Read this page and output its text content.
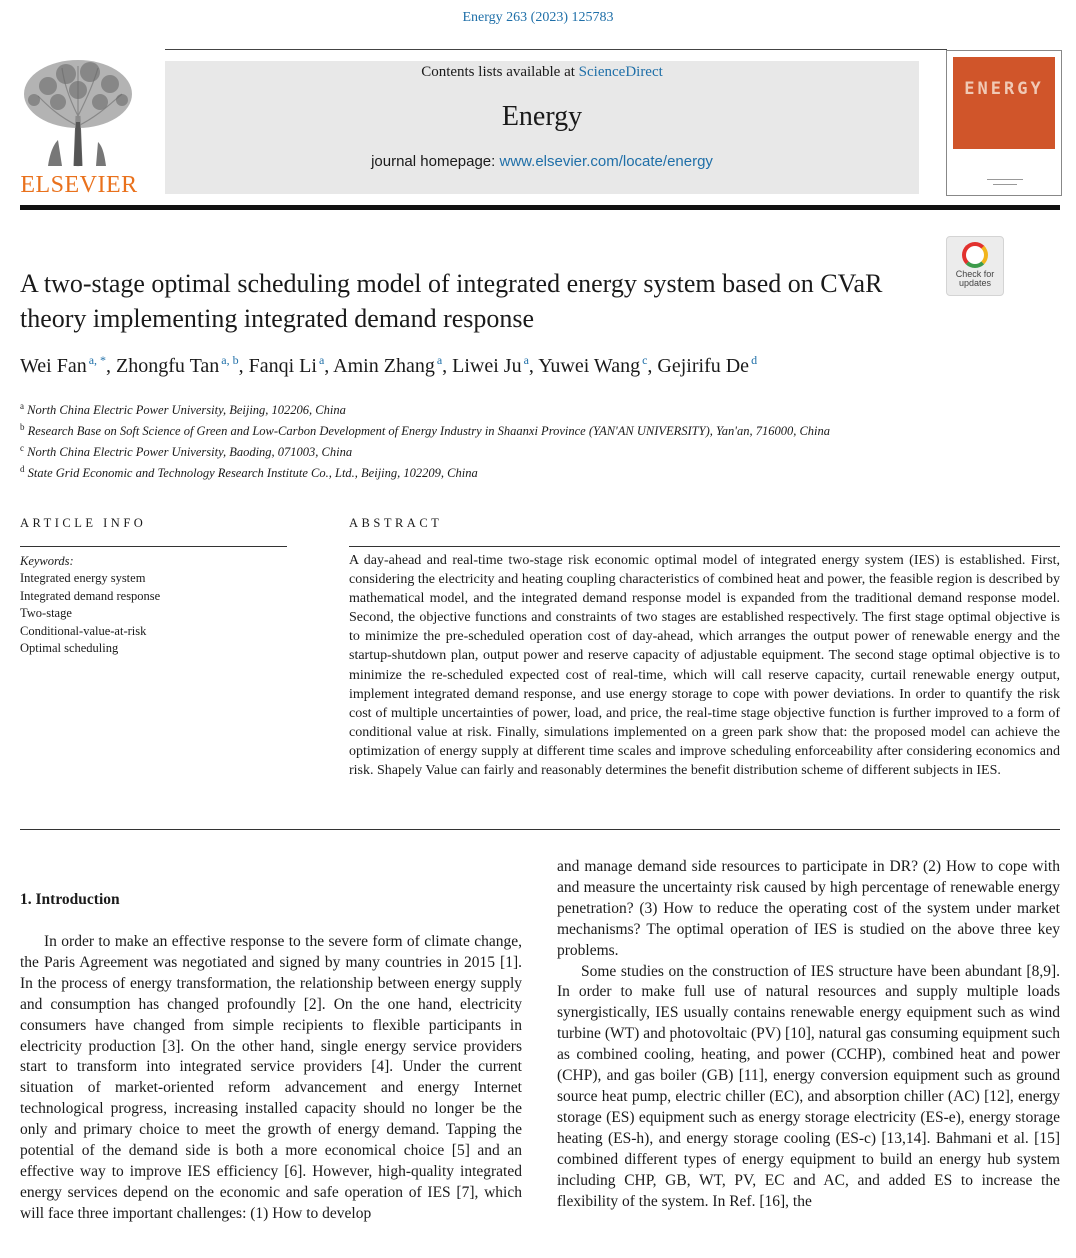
Energy 263 (2023) 125783
ELSEVIER
Contents lists available at ScienceDirect
Energy
journal homepage: www.elsevier.com/locate/energy
ENERGY
Check for
updates
A two-stage optimal scheduling model of integrated energy system based on CVaR theory implementing integrated demand response
Wei Fan $^{a, *}$, Zhongfu Tan $^{a, b}$, Fanqi Li $^a$, Amin Zhang $^a$, Liwei Ju $^a$, Yuwei Wang $^c$, Gejirifu De $^d$
$^a$ North China Electric Power University, Beijing, 102206, China
$^b$ Research Base on Soft Science of Green and Low-Carbon Development of Energy Industry in Shaanxi Province (YAN'AN UNIVERSITY), Yan'an, 716000, China
$^c$ North China Electric Power University, Baoding, 071003, China
$^d$ State Grid Economic and Technology Research Institute Co., Ltd., Beijing, 102209, China
ARTICLE INFO	ABSTRACT
Keywords:
Integrated energy system
Integrated demand response
Two-stage
Conditional-value-at-risk
Optimal scheduling
A day-ahead and real-time two-stage risk economic optimal model of integrated energy system (IES) is established. First, considering the electricity and heating coupling characteristics of combined heat and power, the feasible region is described by mathematical model, and the integrated demand response model is expanded from the traditional demand response model. Second, the objective functions and constraints of two stages are established respectively. The first stage optimal objective is to minimize the pre-scheduled operation cost of day-ahead, which arranges the output power of renewable energy and the startup-shutdown plan, output power and reserve capacity of adjustable equipment. The second stage optimal objective is to minimize the re-scheduled expected cost of real-time, which will call reserve capacity, curtail renewable energy output, implement integrated demand response, and use energy storage to cope with power deviations. In order to quantify the risk cost of multiple uncertainties of power, load, and price, the real-time stage objective function is further improved to a form of conditional value at risk. Finally, simulations implemented on a green park show that: the proposed model can achieve the optimization of energy supply at different time scales and improve scheduling enforceability after considering economics and risk. Shapely Value can fairly and reasonably determines the benefit distribution scheme of different subjects in IES.
1. Introduction

In order to make an effective response to the severe form of climate change, the Paris Agreement was negotiated and signed by many countries in 2015 [1]. In the process of energy transformation, the relationship between energy supply and consumption has changed profoundly [2]. On the one hand, electricity consumers have changed from simple recipients to flexible participants in electricity production [3]. On the other hand, single energy service providers start to transform into integrated service providers [4]. Under the current situation of market-oriented reform advancement and energy Internet technological progress, increasing installed capacity should no longer be the only and primary choice to meet the growth of energy demand. Tapping the potential of the demand side is both a more economical choice [5] and an effective way to improve IES efficiency [6]. However, high-quality integrated energy services depend on the economic and safe operation of IES [7], which will face three important challenges: (1) How to develop

and manage demand side resources to participate in DR? (2) How to cope with and measure the uncertainty risk caused by high percentage of renewable energy penetration? (3) How to reduce the operating cost of the system under market mechanisms? The optimal operation of IES is studied on the above three key problems.

Some studies on the construction of IES structure have been abundant [8,9]. In order to make full use of natural resources and supply multiple loads synergistically, IES usually contains renewable energy equipment such as wind turbine (WT) and photovoltaic (PV) [10], natural gas consuming equipment such as combined cooling, heating, and power (CCHP), combined heat and power (CHP), and gas boiler (GB) [11], energy conversion equipment such as ground source heat pump, electric chiller (EC), and absorption chiller (AC) [12], energy storage (ES) equipment such as energy storage electricity (ES-e), energy storage heating (ES-h), and energy storage cooling (ES-c) [13,14]. Bahmani et al. [15] combined different types of energy equipment to build an energy hub system including CHP, GB, WT, PV, EC and AC, and added ES to increase the flexibility of the system. In Ref. [16], the
